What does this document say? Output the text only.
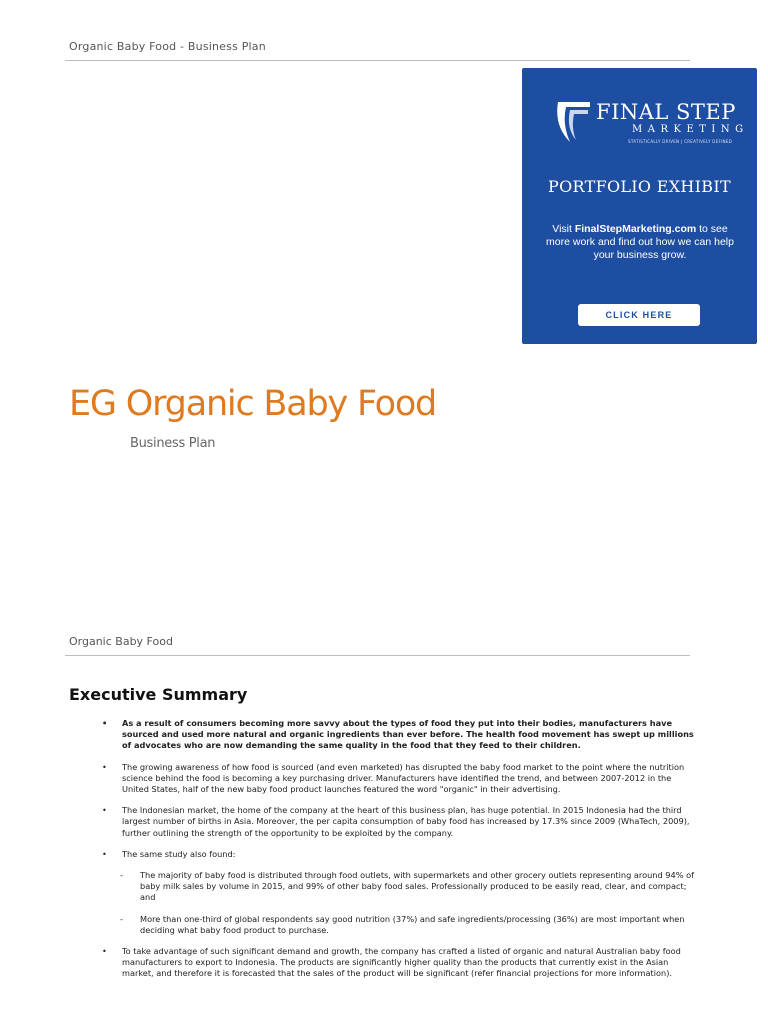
Organic Baby Food - Business Plan
FINAL STEP
MARKETING
STATISTICALLY DRIVEN | CREATIVELY DEFINED
PORTFOLIO EXHIBIT
Visit FinalStepMarketing.com to see more work and find out how we can help your business grow.
CLICK HERE
EG Organic Baby Food
Business Plan
Organic Baby Food
Executive Summary
• As a result of consumers becoming more savvy about the types of food they put into their bodies, manufacturers have sourced and used more natural and organic ingredients than ever before. The health food movement has swept up millions of advocates who are now demanding the same quality in the food that they feed to their children.
• The growing awareness of how food is sourced (and even marketed) has disrupted the baby food market to the point where the nutrition science behind the food is becoming a key purchasing driver. Manufacturers have identified the trend, and between 2007-2012 in the United States, half of the new baby food product launches featured the word "organic" in their advertising.
• The Indonesian market, the home of the company at the heart of this business plan, has huge potential. In 2015 Indonesia had the third largest number of births in Asia. Moreover, the per capita consumption of baby food has increased by 17.3% since 2009 (WhaTech, 2009), further outlining the strength of the opportunity to be exploited by the company.
• The same study also found:
- The majority of baby food is distributed through food outlets, with supermarkets and other grocery outlets representing around 94% of baby milk sales by volume in 2015, and 99% of other baby food sales. Professionally produced to be easily read, clear, and compact; and
- More than one-third of global respondents say good nutrition (37%) and safe ingredients/processing (36%) are most important when deciding what baby food product to purchase.
• To take advantage of such significant demand and growth, the company has crafted a listed of organic and natural Australian baby food manufacturers to export to Indonesia. The products are significantly higher quality than the products that currently exist in the Asian market, and therefore it is forecasted that the sales of the product will be significant (refer financial projections for more information).
